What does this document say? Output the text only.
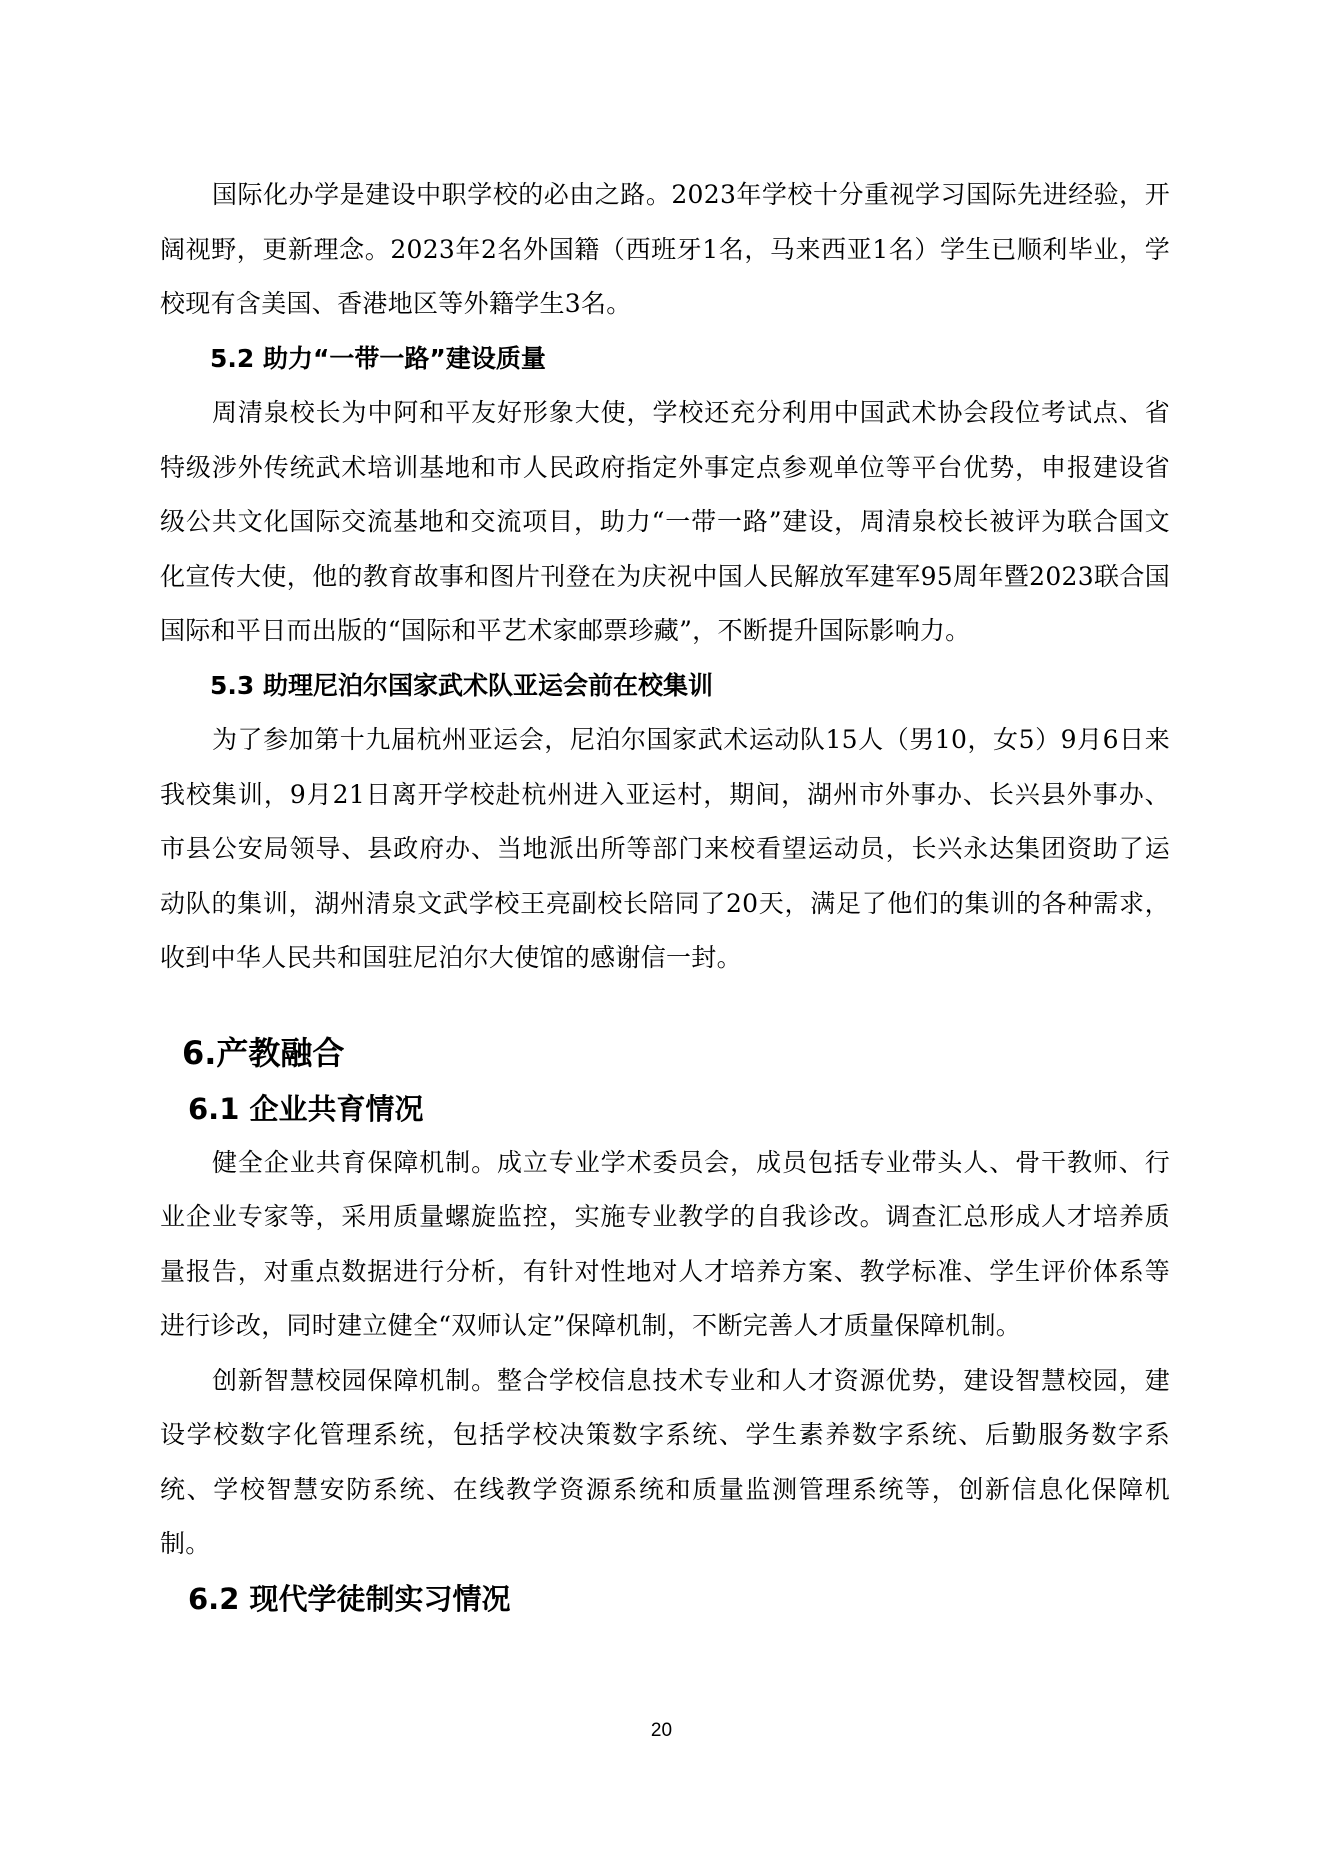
国际化办学是建设中职学校的必由之路。2023年学校十分重视学习国际先进经验，开阔视野，更新理念。2023年2名外国籍（西班牙1名，马来西亚1名）学生已顺利毕业，学校现有含美国、香港地区等外籍学生3名。

5.2 助力“一带一路”建设质量

周清泉校长为中阿和平友好形象大使，学校还充分利用中国武术协会段位考试点、省特级涉外传统武术培训基地和市人民政府指定外事定点参观单位等平台优势，申报建设省级公共文化国际交流基地和交流项目，助力“一带一路”建设，周清泉校长被评为联合国文化宣传大使，他的教育故事和图片刊登在为庆祝中国人民解放军建军95周年暨2023联合国国际和平日而出版的“国际和平艺术家邮票珍藏”，不断提升国际影响力。

5.3 助理尼泊尔国家武术队亚运会前在校集训

为了参加第十九届杭州亚运会，尼泊尔国家武术运动队15人（男10，女5）9月6日来我校集训，9月21日离开学校赴杭州进入亚运村，期间，湖州市外事办、长兴县外事办、市县公安局领导、县政府办、当地派出所等部门来校看望运动员，长兴永达集团资助了运动队的集训，湖州清泉文武学校王亮副校长陪同了20天，满足了他们的集训的各种需求，收到中华人民共和国驻尼泊尔大使馆的感谢信一封。

6.产教融合
6.1 企业共育情况

健全企业共育保障机制。成立专业学术委员会，成员包括专业带头人、骨干教师、行业企业专家等，采用质量螺旋监控，实施专业教学的自我诊改。调查汇总形成人才培养质量报告，对重点数据进行分析，有针对性地对人才培养方案、教学标准、学生评价体系等进行诊改，同时建立健全“双师认定”保障机制，不断完善人才质量保障机制。

创新智慧校园保障机制。整合学校信息技术专业和人才资源优势，建设智慧校园，建设学校数字化管理系统，包括学校决策数字系统、学生素养数字系统、后勤服务数字系统、学校智慧安防系统、在线教学资源系统和质量监测管理系统等，创新信息化保障机制。

6.2 现代学徒制实习情况
20
